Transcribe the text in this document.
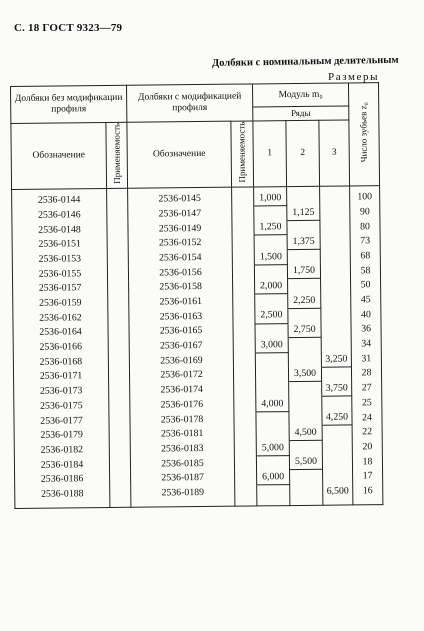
С. 18 ГОСТ 9323—79
Долбяки с номинальным делительным
Размеры
Долбяки без модификации профиля		Долбяки с модификацией профиля		Модуль m₀			Число зубьев z₀
				Ряды			
Обозначение	Применяемость	Обозначение	Применяемость	1	2	3	
2536-0144		2536-0145		1,000			100
2536-0146		2536-0147			1,125		90
2536-0148		2536-0149		1,250			80
2536-0151		2536-0152			1,375		73
2536-0153		2536-0154		1,500			68
2536-0155		2536-0156			1,750		58
2536-0157		2536-0158		2,000			50
2536-0159		2536-0161			2,250		45
2536-0162		2536-0163		2,500			40
2536-0164		2536-0165			2,750		36
2536-0166		2536-0167		3,000			34
2536-0168		2536-0169				3,250	31
2536-0171		2536-0172			3,500		28
2536-0173		2536-0174				3,750	27
2536-0175		2536-0176		4,000			25
2536-0177		2536-0178				4,250	24
2536-0179		2536-0181			4,500		22
2536-0182		2536-0183		5,000			20
2536-0184		2536-0185			5,500		18
2536-0186		2536-0187		6,000			17
2536-0188		2536-0189				6,500	16
